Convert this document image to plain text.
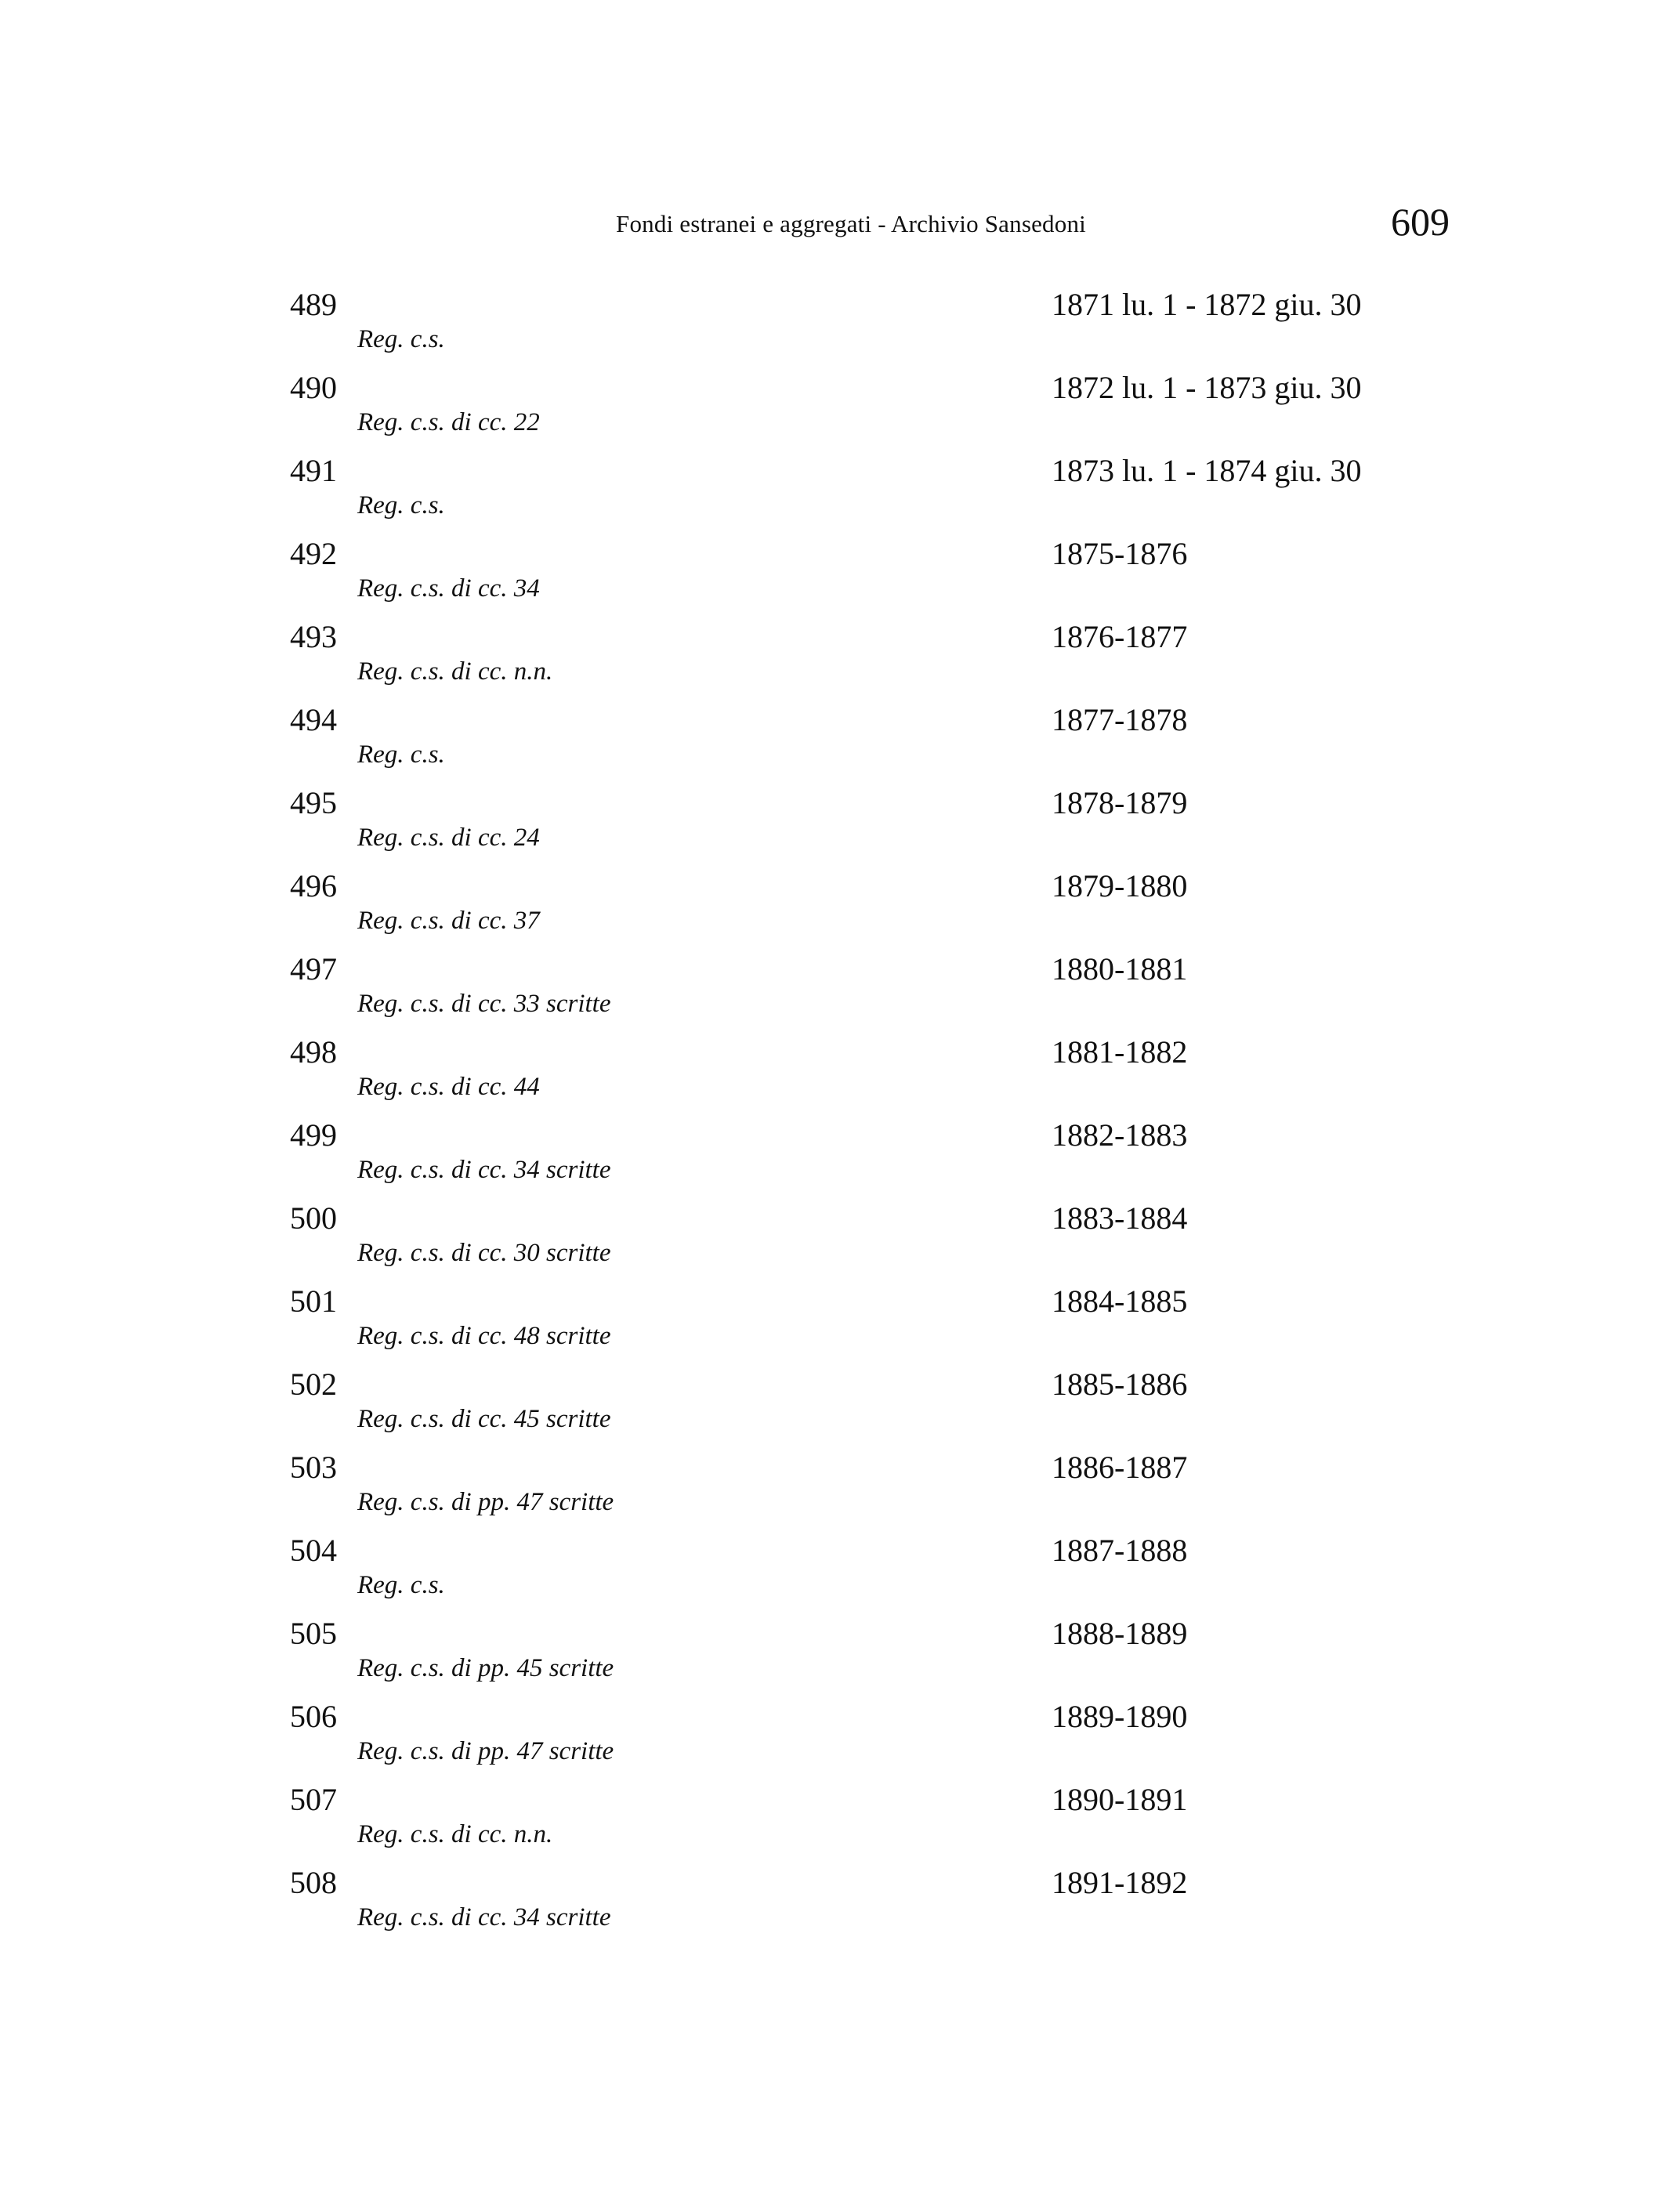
Fondi estranei e aggregati - Archivio Sansedoni	609
489
Reg. c.s.
1871 lu. 1 - 1872 giu. 30
490
Reg. c.s. di cc. 22
1872 lu. 1 - 1873 giu. 30
491
Reg. c.s.
1873 lu. 1 - 1874 giu. 30
492
Reg. c.s. di cc. 34
1875-1876
493
Reg. c.s. di cc. n.n.
1876-1877
494
Reg. c.s.
1877-1878
495
Reg. c.s. di cc. 24
1878-1879
496
Reg. c.s. di cc. 37
1879-1880
497
Reg. c.s. di cc. 33 scritte
1880-1881
498
Reg. c.s. di cc. 44
1881-1882
499
Reg. c.s. di cc. 34 scritte
1882-1883
500
Reg. c.s. di cc. 30 scritte
1883-1884
501
Reg. c.s. di cc. 48 scritte
1884-1885
502
Reg. c.s. di cc. 45 scritte
1885-1886
503
Reg. c.s. di pp. 47 scritte
1886-1887
504
Reg. c.s.
1887-1888
505
Reg. c.s. di pp. 45 scritte
1888-1889
506
Reg. c.s. di pp. 47 scritte
1889-1890
507
Reg. c.s. di cc. n.n.
1890-1891
508
Reg. c.s. di cc. 34 scritte
1891-1892
